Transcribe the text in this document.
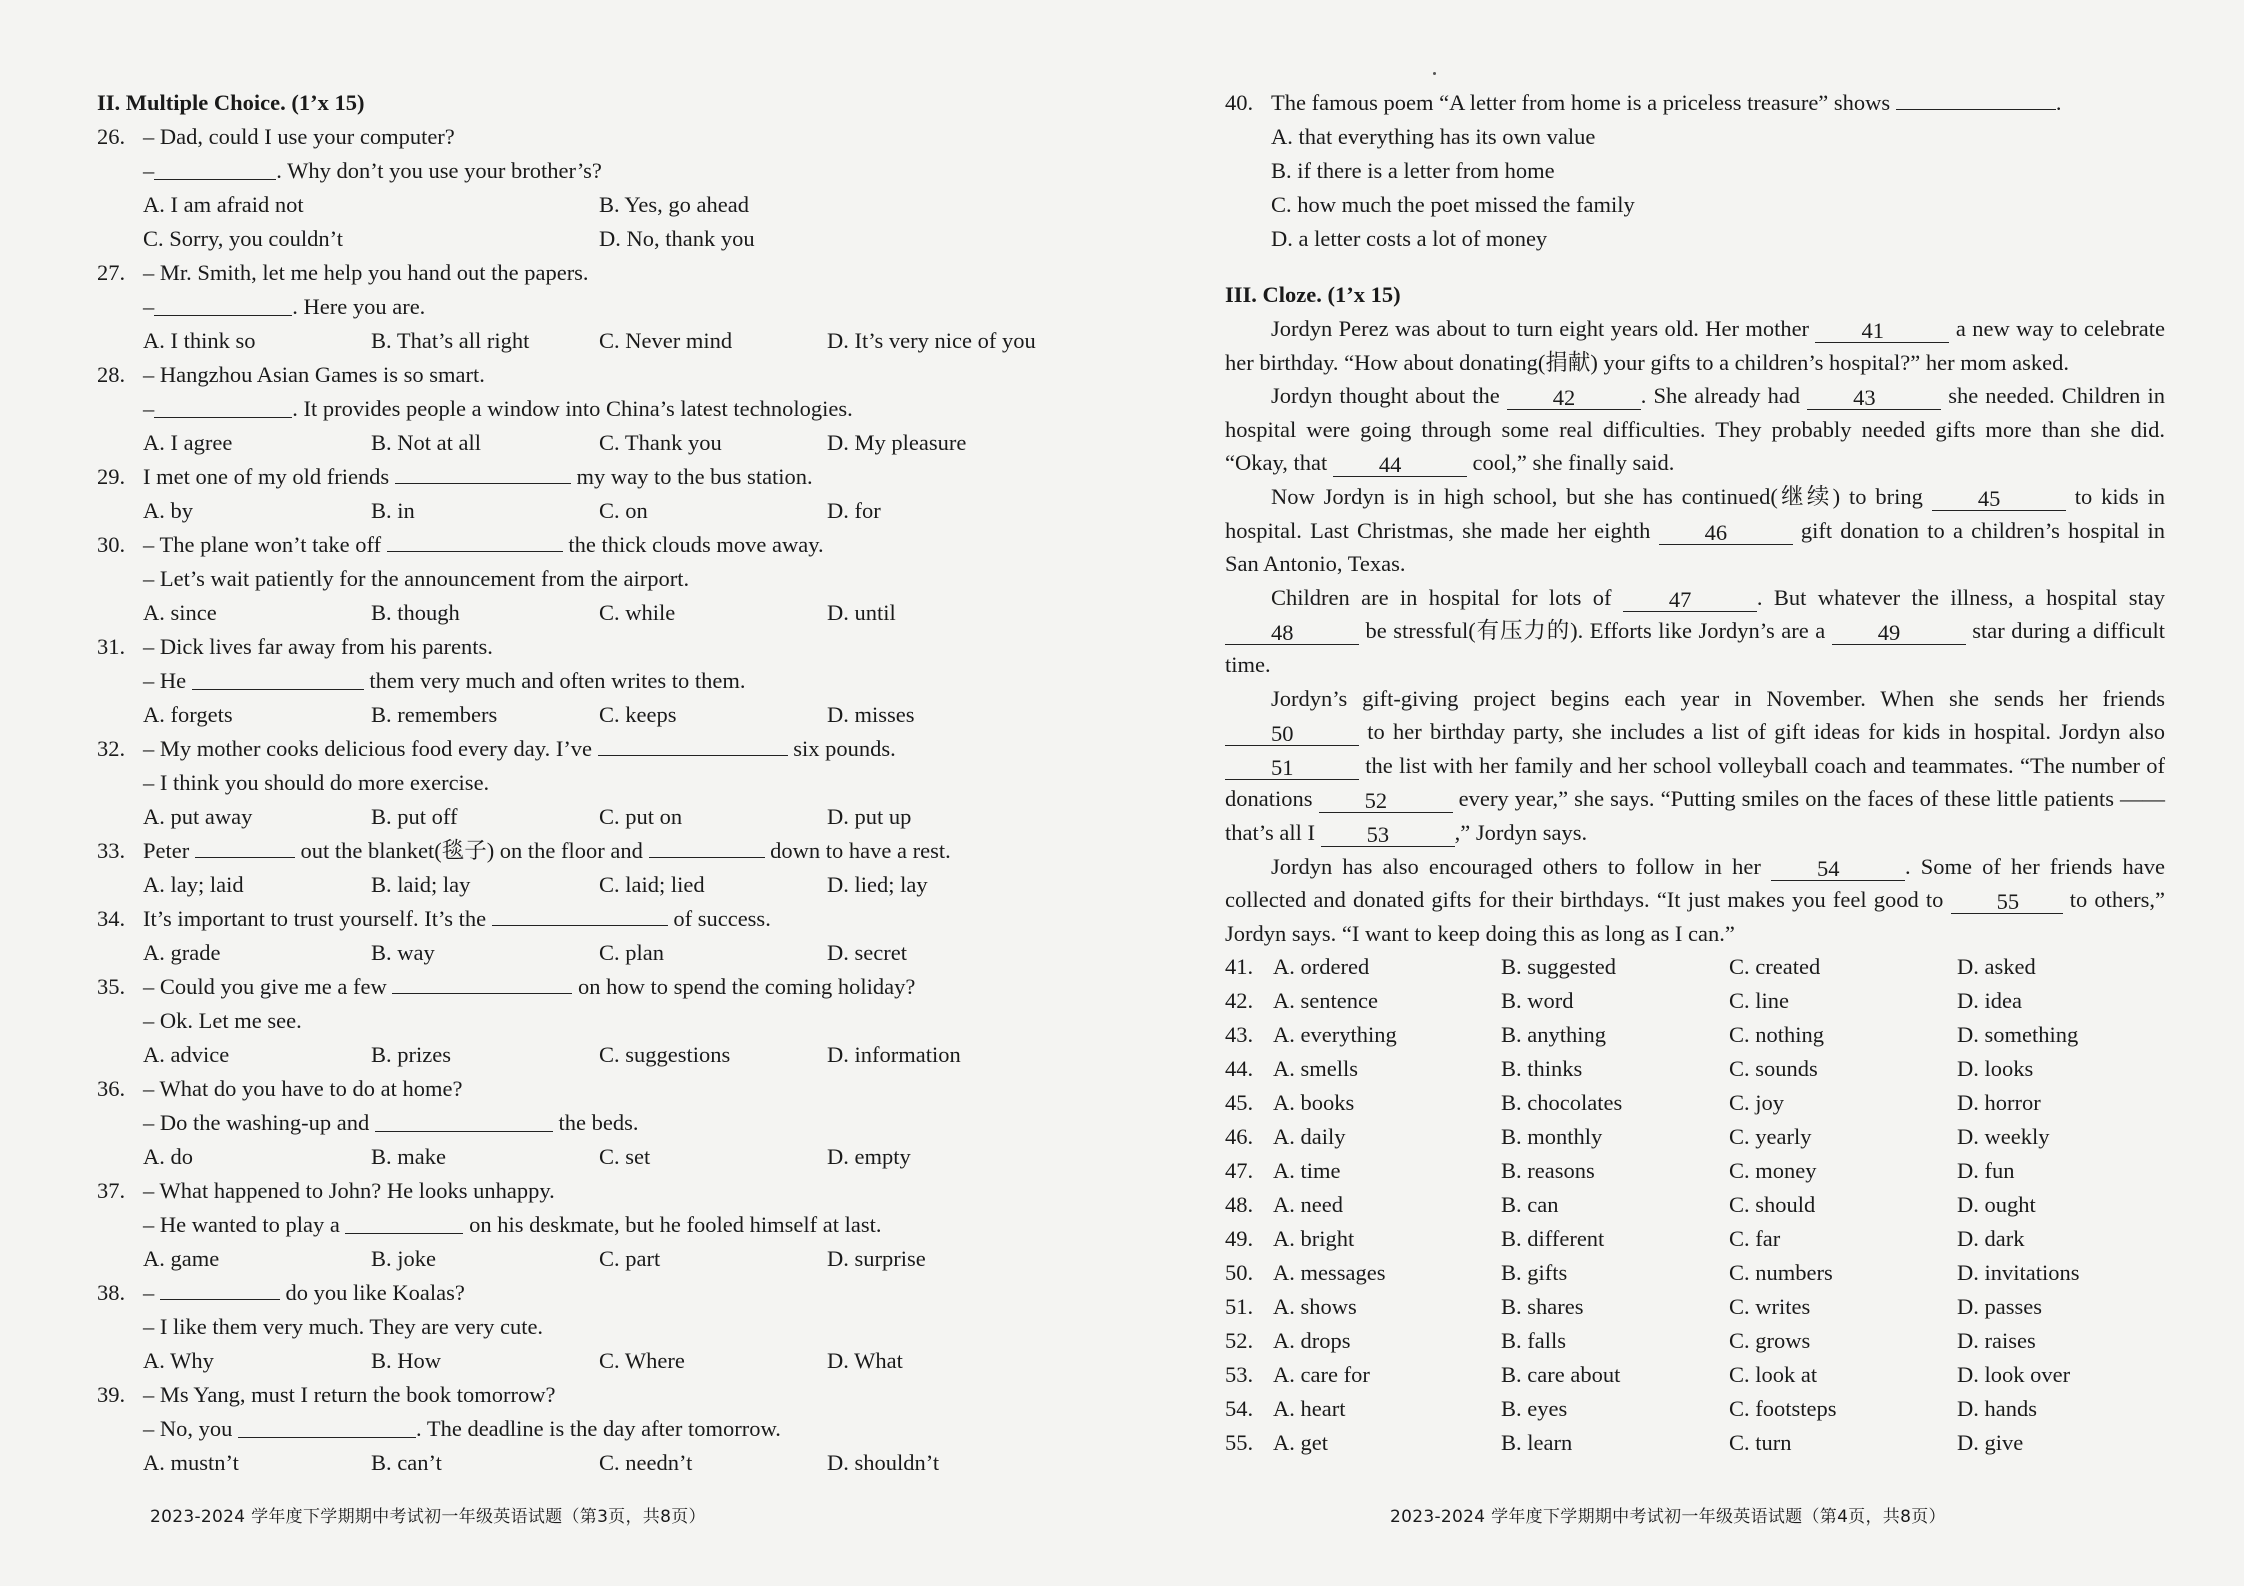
II. Multiple Choice. (1’x 15)
26. – Dad, could I use your computer?
–	. Why don’t you use your brother’s?
A. I am afraid not	B. Yes, go ahead
C. Sorry, you couldn’t	D. No, thank you
27. – Mr. Smith, let me help you hand out the papers.
–	. Here you are.
A. I think so	B. That’s all right	C. Never mind	D. It’s very nice of you
28. – Hangzhou Asian Games is so smart.
–	. It provides people a window into China’s latest technologies.
A. I agree	B. Not at all	C. Thank you	D. My pleasure
29. I met one of my old friends

	my way to the bus station.
A. by	B. in	C. on	D. for
30. – The plane won’t take off

	the thick clouds move away.
– Let’s wait patiently for the announcement from the airport.
A. since	B. though	C. while	D. until
31. – Dick lives far away from his parents.
– He	them very much and often writes to them.
A. forgets	B. remembers	C. keeps	D. misses
32. – My mother cooks delicious food every day. I’ve

	six pounds.
– I think you should do more exercise.
A. put away	B. put off	C. put on	D. put up
33. Peter

	out the blanket(毯子) on the floor and

	down to have a rest.
A. lay; laid	B. laid; lay	C. laid; lied	D. lied; lay
34. It’s important to trust yourself. It’s the

	of success.
A. grade	B. way	C. plan	D. secret
35. – Could you give me a few

	on how to spend the coming holiday?
– Ok. Let me see.
A. advice	B. prizes	C. suggestions	D. information
36. – What do you have to do at home?
– Do the washing-up and	the beds.
A. do	B. make	C. set	D. empty
37. – What happened to John? He looks unhappy.
– He wanted to play a	on his deskmate, but he fooled himself at last.
A. game	B. joke	C. part	D. surprise
38. –

	do you like Koalas?
– I like them very much. They are very cute.
A. Why	B. How	C. Where	D. What
39. – Ms Yang, must I return the book tomorrow?
– No, you	. The deadline is the day after tomorrow.
A. mustn’t	B. can’t	C. needn’t	D. shouldn’t
2023-2024 学年度下学期期中考试初一年级英语试题（第3页，共8页）
40. The famous poem “A letter from home is a priceless treasure” shows
	.
A. that everything has its own value
B. if there is a letter from home
C. how much the poet missed the family
D. a letter costs a lot of money
III. Cloze. (1’x 15)

Jordyn Perez was about to turn eight years old. Her mother 41	a new way to celebrate her birthday. “How about donating(捐献) your gifts to a children’s hospital?” her mom asked.

Jordyn thought about the 42	. She already had 43	she needed. Children in hospital were going through some real difficulties. They probably needed gifts more than she did. “Okay, that 44	cool,” she finally said.

Now Jordyn is in high school, but she has continued(继续) to bring 45	to kids in hospital. Last Christmas, she made her eighth 46	gift donation to a children’s hospital in San Antonio, Texas.

Children are in hospital for lots of	47	. But whatever the illness, a hospital stay 48	be stressful(有压力的). Efforts like Jordyn’s are a 49	star during a difficult time.

Jordyn’s gift-giving project begins each year in November. When she sends her friends 50	to her birthday party, she includes a list of gift ideas for kids in hospital. Jordyn also 51	the list with her family and her school volleyball coach and teammates. “The number of donations 52	every year,” she says. “Putting smiles on the faces of these little patients —— that’s all I 53	,” Jordyn says.

Jordyn has also encouraged others to follow in her 54	. Some of her friends have collected and donated gifts for their birthdays. “It just makes you feel good to 55 to others,” Jordyn says. “I want to keep doing this as long as I can.”

41. A. ordered	B. suggested	C. created	D. asked
42. A. sentence	B. word	C. line	D. idea
43. A. everything	B. anything	C. nothing	D. something
44. A. smells	B. thinks	C. sounds	D. looks
45. A. books	B. chocolates	C. joy	D. horror
46. A. daily	B. monthly	C. yearly	D. weekly
47. A. time	B. reasons	C. money	D. fun
48. A. need	B. can	C. should	D. ought
49. A. bright	B. different	C. far	D. dark
50. A. messages	B. gifts	C. numbers	D. invitations
51. A. shows	B. shares	C. writes	D. passes
52. A. drops	B. falls	C. grows	D. raises
53. A. care for	B. care about	C. look at	D. look over
54. A. heart	B. eyes	C. footsteps	D. hands
55. A. get	B. learn	C. turn	D. give
2023-2024 学年度下学期期中考试初一年级英语试题（第4页，共8页）
